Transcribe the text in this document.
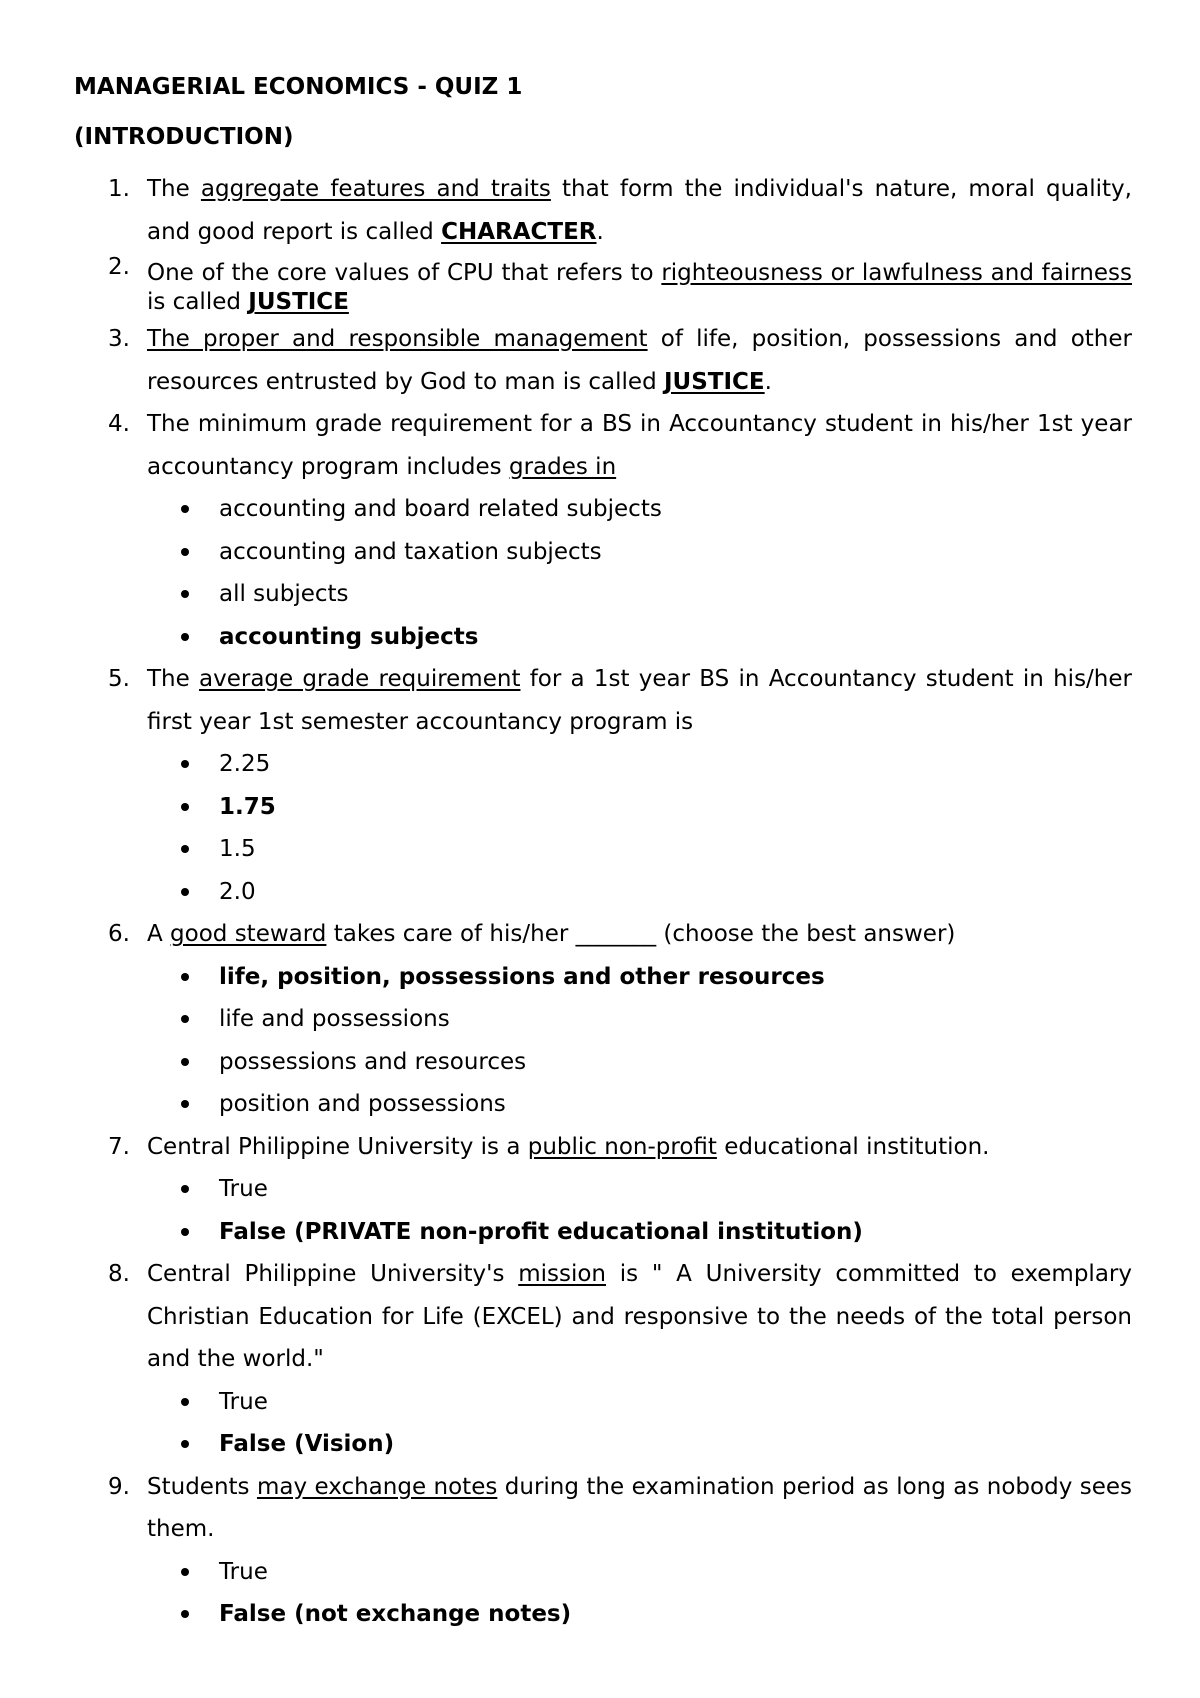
MANAGERIAL ECONOMICS - QUIZ 1
(INTRODUCTION)
1. The aggregate features and traits that form the individual's nature, moral quality, and good report is called CHARACTER.
2. One of the core values of CPU that refers to righteousness or lawfulness and fairness is called JUSTICE
3. The proper and responsible management of life, position, possessions and other resources entrusted by God to man is called JUSTICE.
4. The minimum grade requirement for a BS in Accountancy student in his/her 1st year accountancy program includes grades in
accounting and board related subjects
accounting and taxation subjects
all subjects
accounting subjects
5. The average grade requirement for a 1st year BS in Accountancy student in his/her first year 1st semester accountancy program is
2.25
1.75
1.5
2.0
6. A good steward takes care of his/her _______ (choose the best answer)
life, position, possessions and other resources
life and possessions
possessions and resources
position and possessions
7. Central Philippine University is a public non-profit educational institution.
True
False (PRIVATE non-profit educational institution)
8. Central Philippine University's mission is " A University committed to exemplary Christian Education for Life (EXCEL) and responsive to the needs of the total person and the world."
True
False (Vision)
9. Students may exchange notes during the examination period as long as nobody sees them.
True
False (not exchange notes)
